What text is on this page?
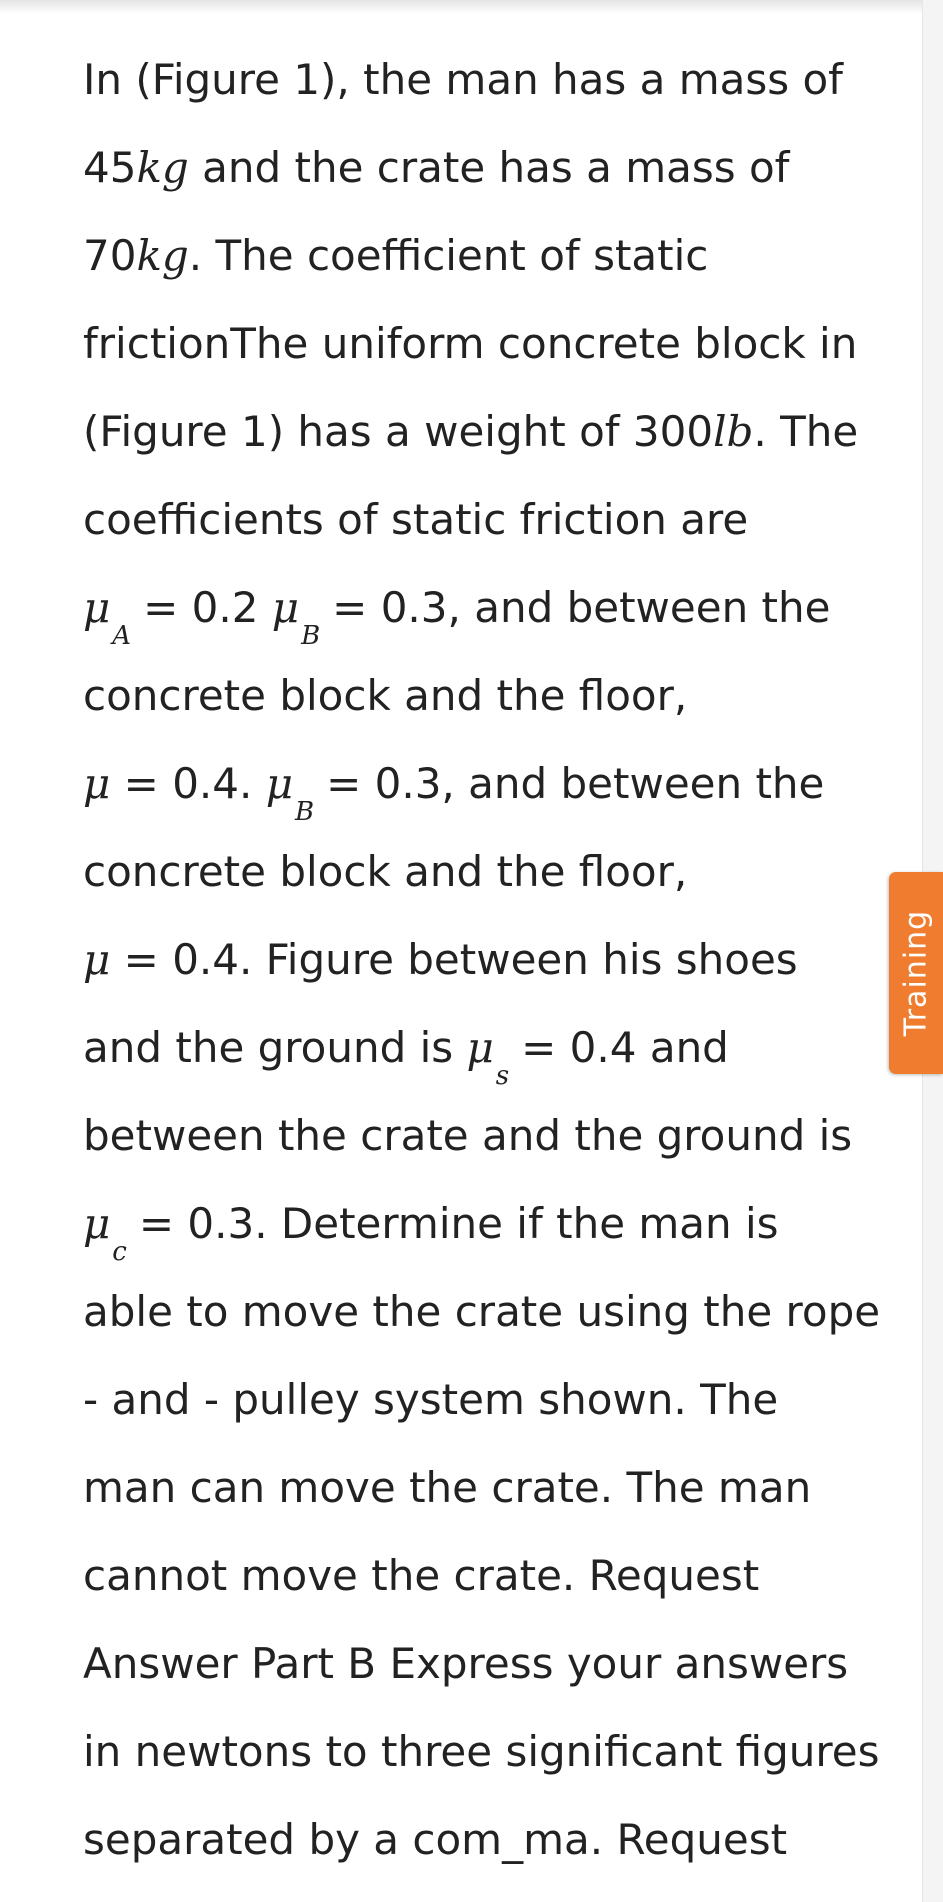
In (Figure 1), the man has a mass of
45kg and the crate has a mass of
70kg. The coefficient of static
frictionThe uniform concrete block in
(Figure 1) has a weight of 300lb. The
coefficients of static friction are
μA= 0.2 μB= 0.3, and between the
concrete block and the floor,
μ = 0.4. μB= 0.3, and between the
concrete block and the floor,
μ = 0.4. Figure between his shoes
and the ground is μs= 0.4 and
between the crate and the ground is
μc= 0.3. Determine if the man is
able to move the crate using the rope
- and - pulley system shown. The
man can move the crate. The man
cannot move the crate. Request
Answer Part B Express your answers
in newtons to three significant figures
separated by a com_ma. Request
Training
